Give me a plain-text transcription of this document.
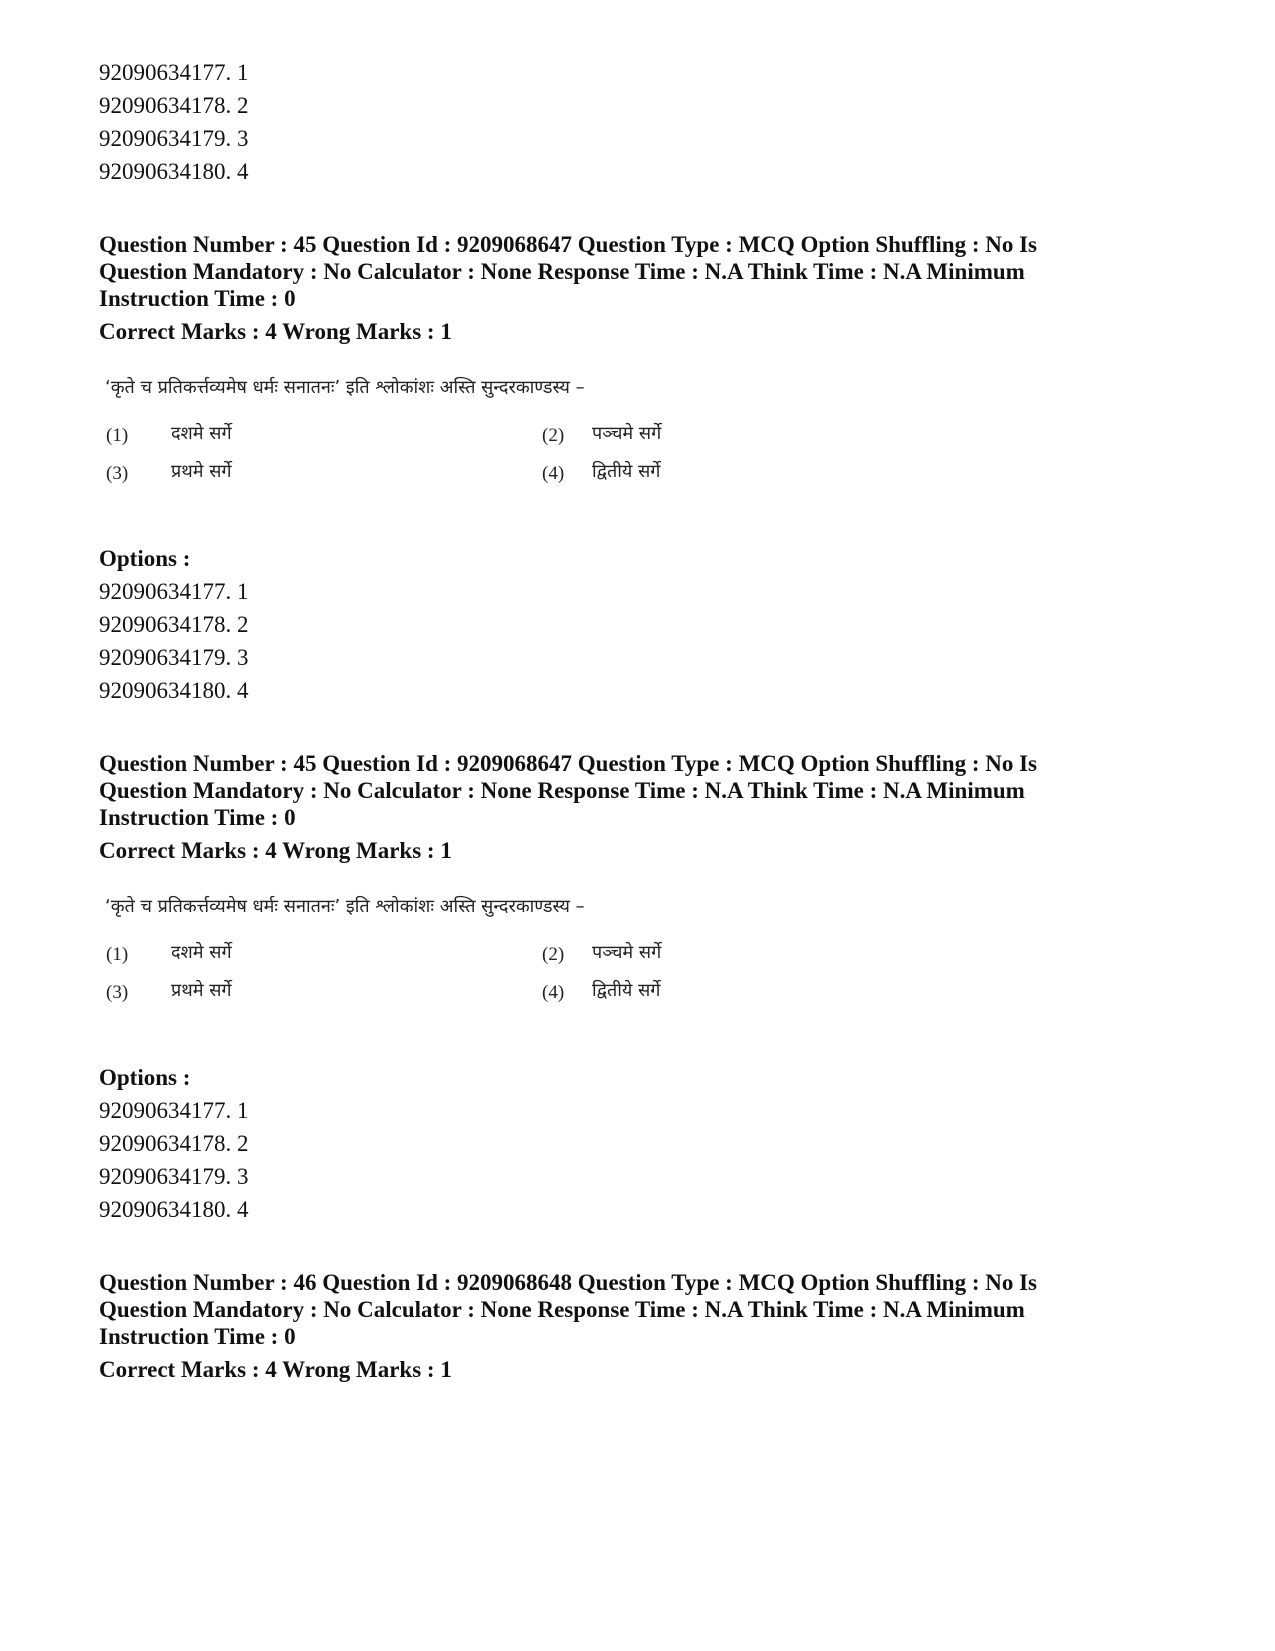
92090634177. 1
92090634178. 2
92090634179. 3
92090634180. 4
Question Number : 45 Question Id : 9209068647 Question Type : MCQ Option Shuffling : No Is
Question Mandatory : No Calculator : None Response Time : N.A Think Time : N.A Minimum
Instruction Time : 0
Correct Marks : 4 Wrong Marks : 1
‘कृते च प्रतिकर्त्तव्यमेष धर्मः सनातनः’ इति श्लोकांशः अस्ति सुन्दरकाण्डस्य –
(1) दशमे सर्गे	(2) पञ्चमे सर्गे
(3) प्रथमे सर्गे	(4) द्वितीये सर्गे
Options :
92090634177. 1
92090634178. 2
92090634179. 3
92090634180. 4
Question Number : 45 Question Id : 9209068647 Question Type : MCQ Option Shuffling : No Is
Question Mandatory : No Calculator : None Response Time : N.A Think Time : N.A Minimum
Instruction Time : 0
Correct Marks : 4 Wrong Marks : 1
‘कृते च प्रतिकर्त्तव्यमेष धर्मः सनातनः’ इति श्लोकांशः अस्ति सुन्दरकाण्डस्य –
(1) दशमे सर्गे	(2) पञ्चमे सर्गे
(3) प्रथमे सर्गे	(4) द्वितीये सर्गे
Options :
92090634177. 1
92090634178. 2
92090634179. 3
92090634180. 4
Question Number : 46 Question Id : 9209068648 Question Type : MCQ Option Shuffling : No Is
Question Mandatory : No Calculator : None Response Time : N.A Think Time : N.A Minimum
Instruction Time : 0
Correct Marks : 4 Wrong Marks : 1
